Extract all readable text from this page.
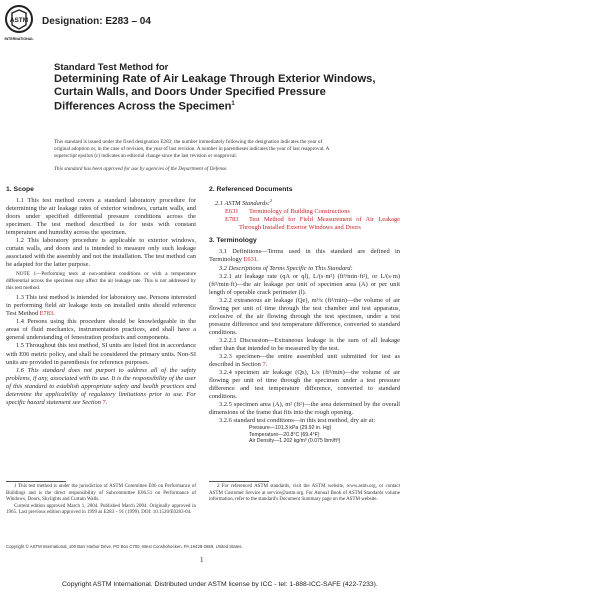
ASTM
INTERNATIONAL
Designation: E283 – 04
Standard Test Method for
Determining Rate of Air Leakage Through Exterior Windows,
Curtain Walls, and Doors Under Specified Pressure
Differences Across the Specimen$^1$
This standard is issued under the fixed designation E283; the number immediately following the designation indicates the year of
original adoption or, in the case of revision, the year of last revision. A number in parentheses indicates the year of last reapproval. A
superscript epsilon (ε) indicates an editorial change since the last revision or reapproval.
This standard has been approved for use by agencies of the Department of Defense.
1. Scope

1.1 This test method covers a standard laboratory procedure for determining the air leakage rates of exterior windows, curtain walls, and doors under specified differential pressure conditions across the specimen. The test method described is for tests with constant temperature and humidity across the specimen.

1.2 This laboratory procedure is applicable to exterior windows, curtain walls, and doors and is intended to measure only such leakage associated with the assembly and not the installation. The test method can be adapted for the latter purpose.

NOTE 1—Performing tests at non-ambient conditions or with a temperature differential across the specimen may affect the air leakage rate. This is not addressed by this test method.

1.3 This test method is intended for laboratory use. Persons interested in performing field air leakage tests on installed units should reference Test Method E783.

1.4 Persons using this procedure should be knowledgeable in the areas of fluid mechanics, instrumentation practices, and shall have a general understanding of fenestration products and components.

1.5 Throughout this test method, SI units are listed first in accordance with E06 metric policy, and shall be considered the primary units. Non-SI units are provided in parenthesis for reference purposes.

1.6 This standard does not purport to address all of the safety problems, if any, associated with its use. It is the responsibility of the user of this standard to establish appropriate safety and health practices and determine the applicability of regulatory limitations prior to use. For specific hazard statement see Section 7.

1 This test method is under the jurisdiction of ASTM Committee E06 on Performance of Buildings and is the direct responsibility of Subcommittee E06.51 on Performance of Windows, Doors, Skylights and Curtain Walls.

Current edition approved March 1, 2004. Published March 2004. Originally approved in 1965. Last previous edition approved in 1999 as E283 – 91 (1999). DOI: 10.1520/E0283-04.

2. Referenced Documents

2.1 ASTM Standards:$^2$

E631 Terminology of Building Constructions

E783 Test Method for Field Measurement of Air Leakage Through Installed Exterior Windows and Doors

3. Terminology

3.1 Definitions—Terms used in this standard are defined in Terminology E631.

3.2 Descriptions of Terms Specific to This Standard:

3.2.1 air leakage rate (qA or ql), L/(s·m²) (ft³/min·ft²), or L/(s·m) (ft³/min·ft)—the air leakage per unit of specimen area (A) or per unit length of operable crack perimeter (l).

3.2.2 extraneous air leakage (Qe), m³/s (ft³/min)—the volume of air flowing per unit of time through the test chamber and test apparatus, exclusive of the air flowing through the test specimen, under a test pressure difference and test temperature difference, converted to standard conditions.

3.2.2.1 Discussion—Extraneous leakage is the sum of all leakage other than that intended to be measured by the test.

3.2.3 specimen—the entire assembled unit submitted for test as described in Section 7.

3.2.4 specimen air leakage (Qs), L/s (ft³/min)—the volume of air flowing per unit of time through the specimen under a test pressure difference and test temperature difference, converted to standard conditions.

3.2.5 specimen area (A), m² (ft²)—the area determined by the overall dimensions of the frame that fits into the rough opening.

3.2.6 standard test conditions—in this test method, dry air at:

Pressure—101.3 kPa (29.92 in. Hg)
Temperature—20.8°C (69.4°F)
Air Density—1.202 kg/m³ (0.075 lbm/ft³)

2 For referenced ASTM standards, visit the ASTM website, www.astm.org, or contact ASTM Customer Service at service@astm.org. For Annual Book of ASTM Standards volume information, refer to the standard's Document Summary page on the ASTM website.

Copyright © ASTM International, 100 Barr Harbor Drive, PO Box C700, West Conshohocken, PA 19428-2959, United States.
1
Copyright ASTM International. Distributed under ASTM license by ICC - tel: 1-888-ICC-SAFE (422-7233).
